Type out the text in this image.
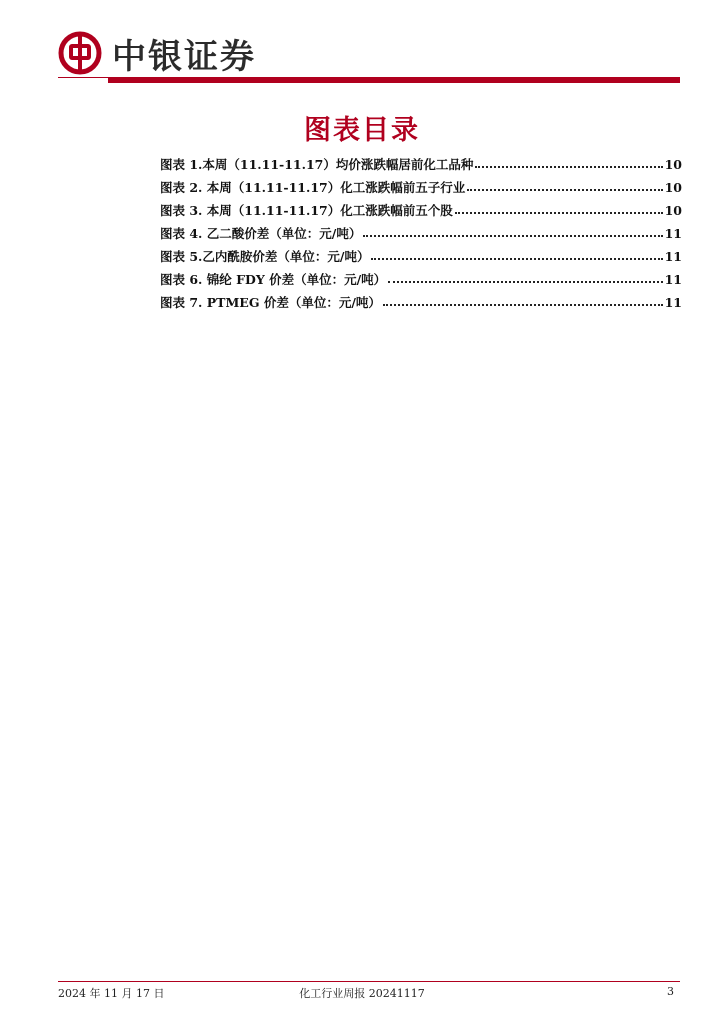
中银证券
图表目录
图表 1.本周（11.11-11.17）均价涨跌幅居前化工品种	10
图表 2. 本周（11.11-11.17）化工涨跌幅前五子行业	10
图表 3. 本周（11.11-11.17）化工涨跌幅前五个股	10
图表 4. 乙二酸价差（单位：元/吨）	11
图表 5.乙内酰胺价差（单位：元/吨）	11
图表 6. 锦纶 FDY 价差（单位：元/吨）	11
图表 7. PTMEG 价差（单位：元/吨）	11
2024 年 11 月 17 日	化工行业周报 20241117	3
